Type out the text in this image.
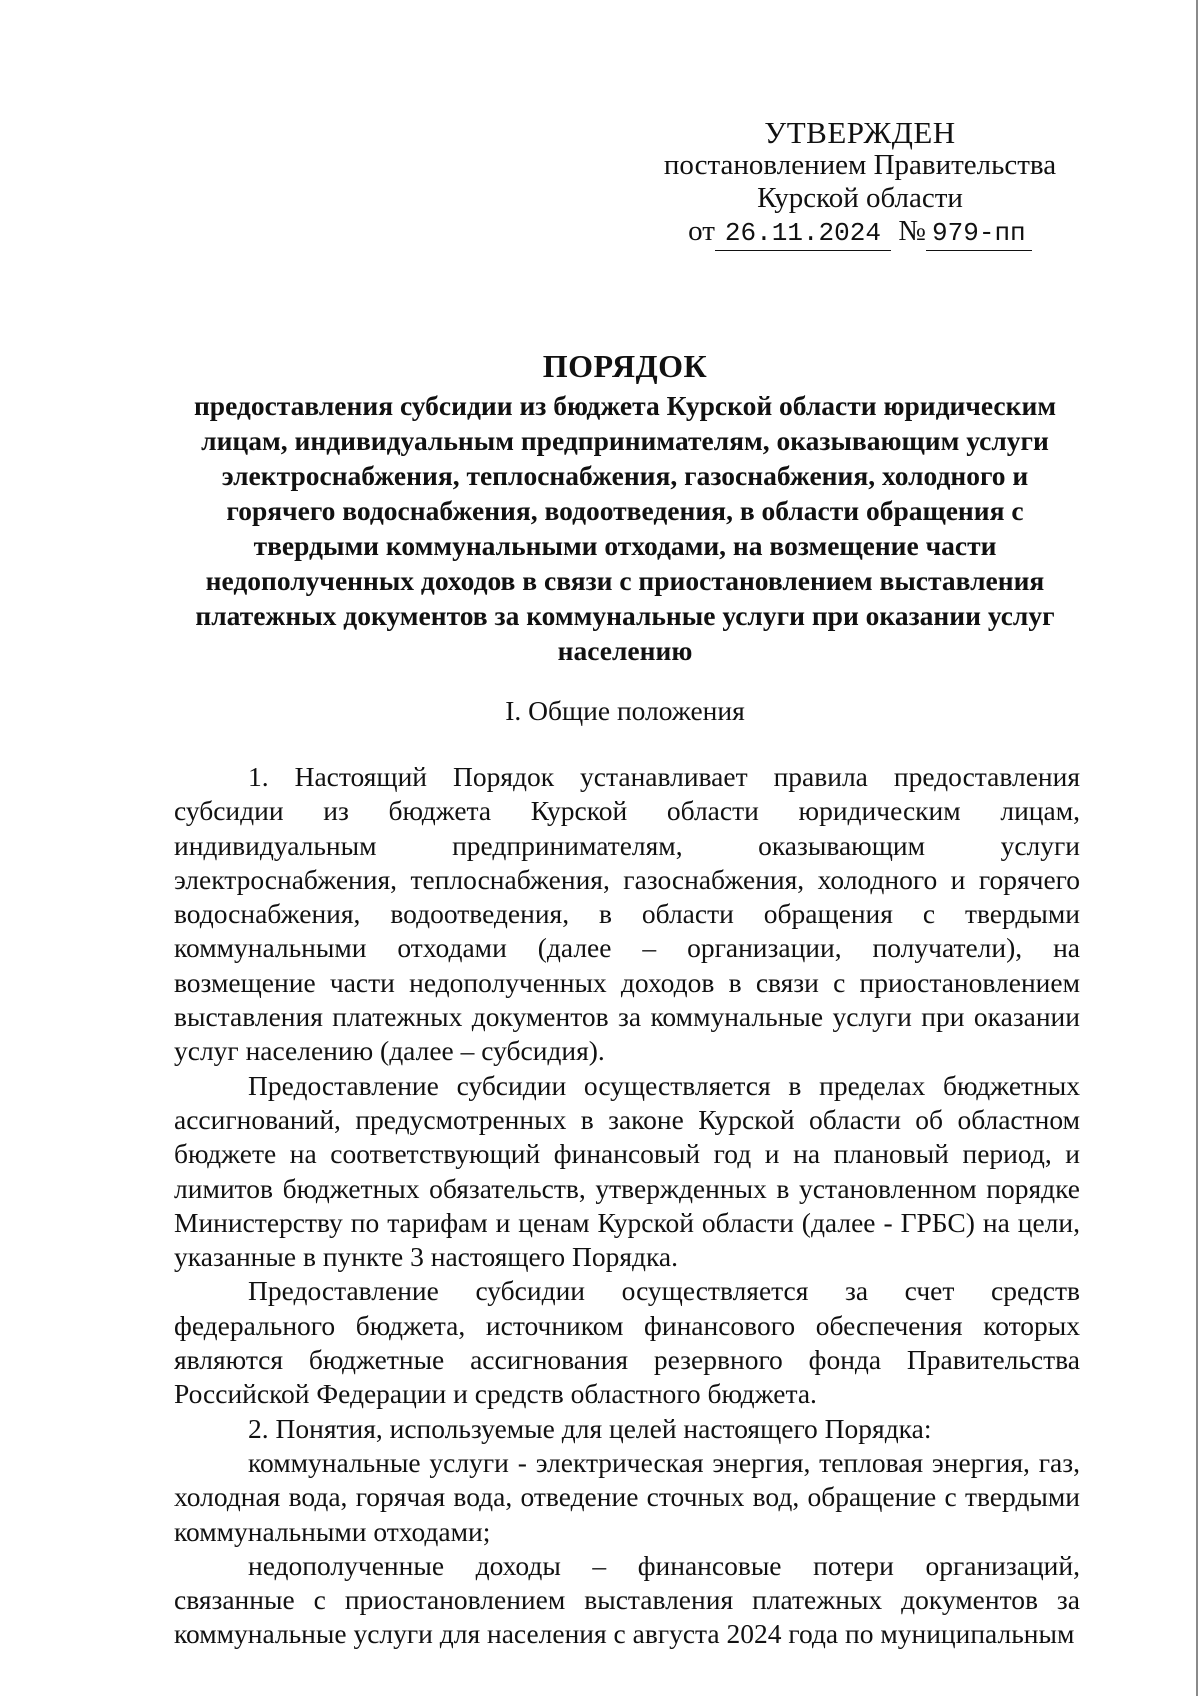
УТВЕРЖДЕН
постановлением Правительства
Курской области
от 26.11.2024 № 979-пп
ПОРЯДОК
предоставления субсидии из бюджета Курской области юридическим лицам, индивидуальным предпринимателям, оказывающим услуги электроснабжения, теплоснабжения, газоснабжения, холодного и горячего водоснабжения, водоотведения, в области обращения с твердыми коммунальными отходами, на возмещение части недополученных доходов в связи с приостановлением выставления платежных документов за коммунальные услуги при оказании услуг населению
I. Общие положения

1. Настоящий Порядок устанавливает правила предоставления субсидии из бюджета Курской области юридическим лицам, индивидуальным предпринимателям, оказывающим услуги электроснабжения, теплоснабжения, газоснабжения, холодного и горячего водоснабжения, водоотведения, в области обращения с твердыми коммунальными отходами (далее – организации, получатели), на возмещение части недополученных доходов в связи с приостановлением выставления платежных документов за коммунальные услуги при оказании услуг населению (далее – субсидия).

Предоставление субсидии осуществляется в пределах бюджетных ассигнований, предусмотренных в законе Курской области об областном бюджете на соответствующий финансовый год и на плановый период, и лимитов бюджетных обязательств, утвержденных в установленном порядке Министерству по тарифам и ценам Курской области (далее - ГРБС) на цели, указанные в пункте 3 настоящего Порядка.

Предоставление субсидии осуществляется за счет средств федерального бюджета, источником финансового обеспечения которых являются бюджетные ассигнования резервного фонда Правительства Российской Федерации и средств областного бюджета.

2. Понятия, используемые для целей настоящего Порядка:

коммунальные услуги - электрическая энергия, тепловая энергия, газ, холодная вода, горячая вода, отведение сточных вод, обращение с твердыми коммунальными отходами;

недополученные доходы – финансовые потери организаций, связанные с приостановлением выставления платежных документов за коммунальные услуги для населения с августа 2024 года по муниципальным
